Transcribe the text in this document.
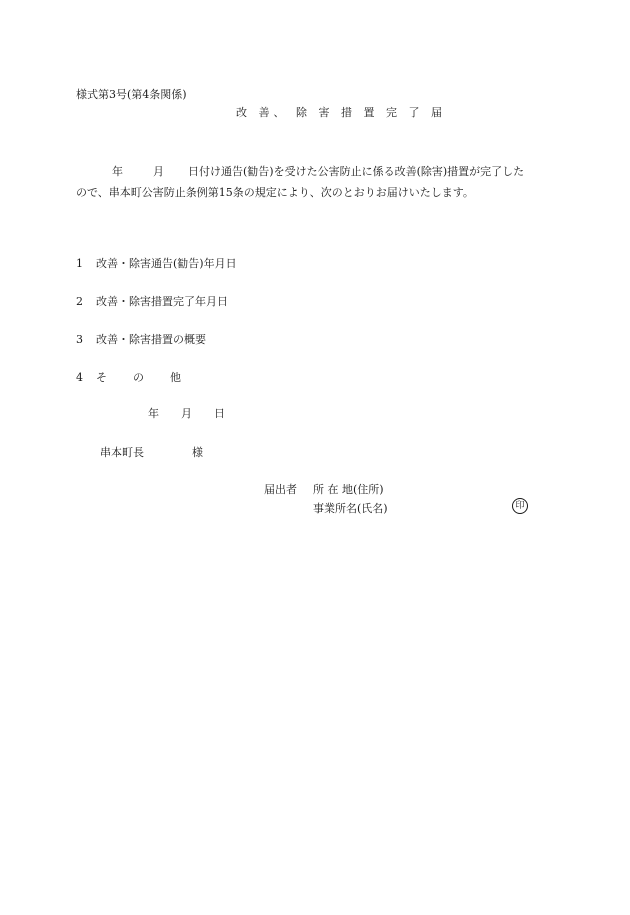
様式第3号(第4条関係)
改 善、 除 害 措 置 完 了 届
年	月 日付け通告(勧告)を受けた公害防止に係る改善(除害)措置が完了した
ので、串本町公害防止条例第15条の規定により、次のとおりお届けいたします。
1 改善・除害通告(勧告)年月日
2 改善・除害措置完了年月日
3 改善・除害措置の概要
4 そ の 他
年 月 日
串本町長	様
届出者 所 在 地(住所)
事業所名(氏名)	印
